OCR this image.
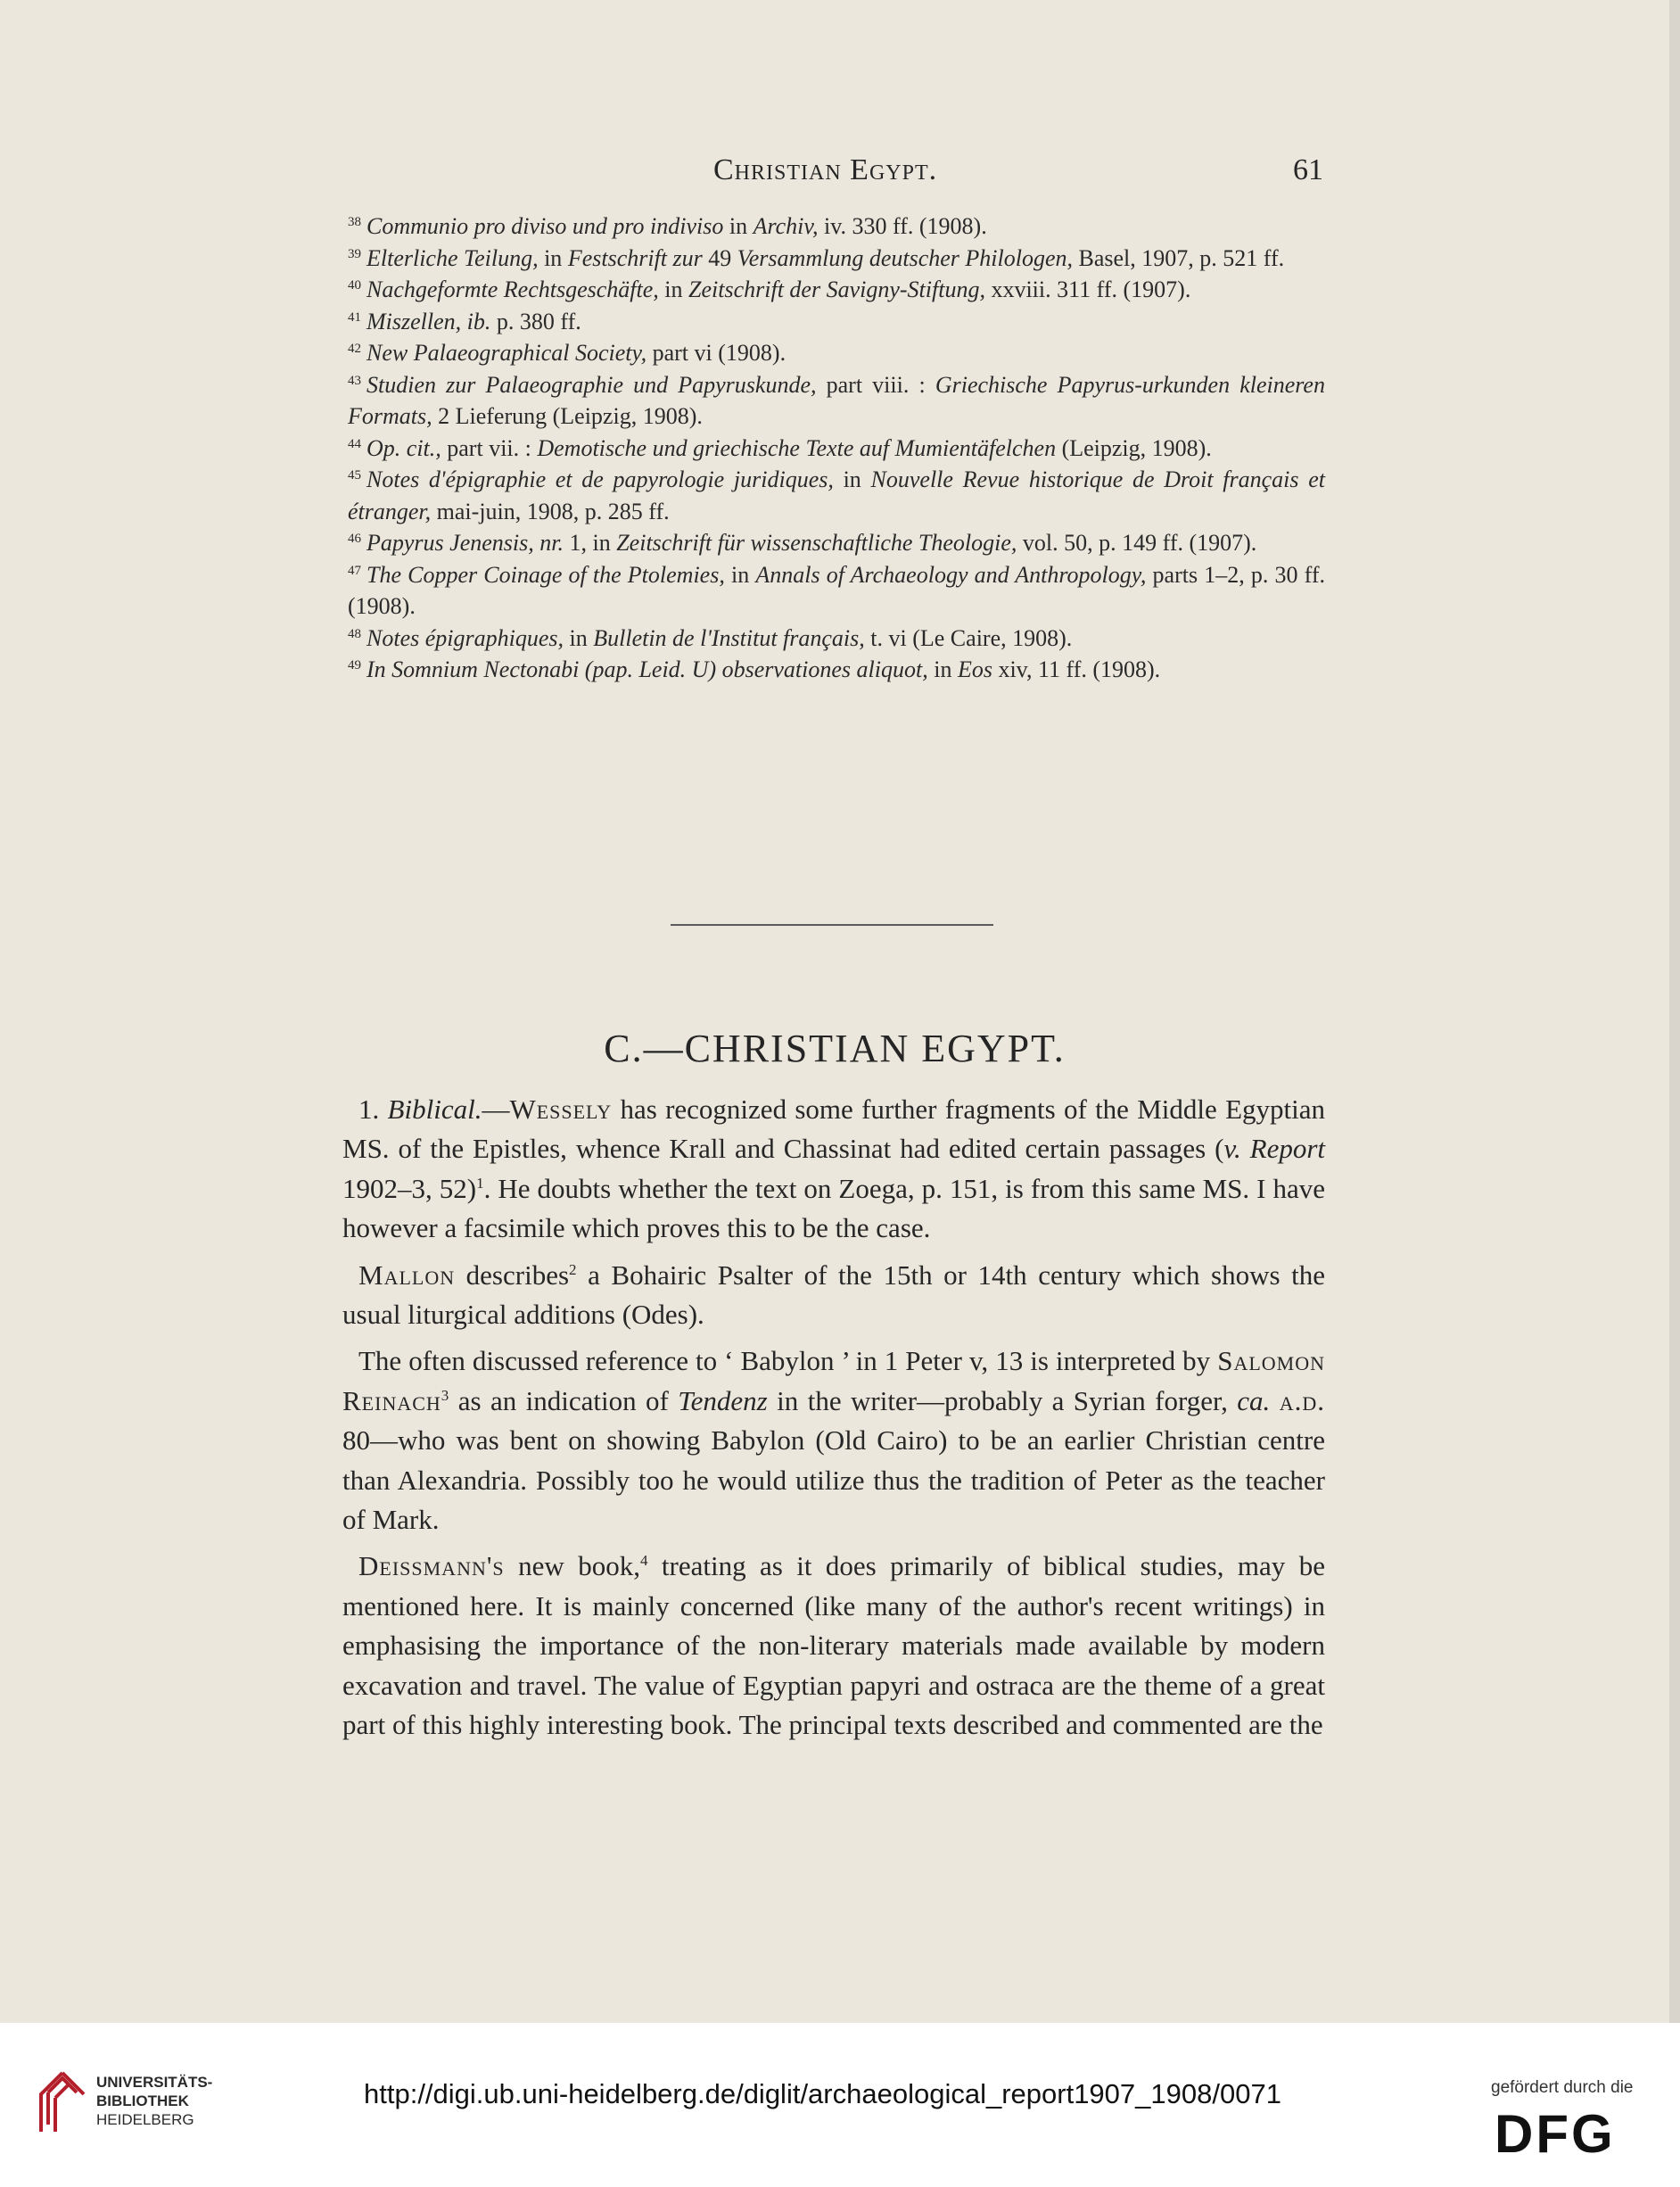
Christian Egypt.	61

$^{38}$ Communio pro diviso und pro indiviso in Archiv, iv. 330 ff. (1908).

$^{39}$ Elterliche Teilung, in Festschrift zur 49 Versammlung deutscher Philologen, Basel, 1907, p. 521 ff.

$^{40}$ Nachgeformte Rechtsgeschäfte, in Zeitschrift der Savigny-Stiftung, xxviii. 311 ff. (1907).

$^{41}$ Miszellen, ib. p. 380 ff.

$^{42}$ New Palaeographical Society, part vi (1908).

$^{43}$ Studien zur Palaeographie und Papyruskunde, part viii. : Griechische Papyrus-urkunden kleineren Formats, 2 Lieferung (Leipzig, 1908).

$^{44}$ Op. cit., part vii. : Demotische und griechische Texte auf Mumientäfelchen (Leipzig, 1908).

$^{45}$ Notes d'épigraphie et de papyrologie juridiques, in Nouvelle Revue historique de Droit français et étranger, mai-juin, 1908, p. 285 ff.

$^{46}$ Papyrus Jenensis, nr. 1, in Zeitschrift für wissenschaftliche Theologie, vol. 50, p. 149 ff. (1907).

$^{47}$ The Copper Coinage of the Ptolemies, in Annals of Archaeology and Anthropology, parts 1–2, p. 30 ff. (1908).

$^{48}$ Notes épigraphiques, in Bulletin de l'Institut français, t. vi (Le Caire, 1908).

$^{49}$ In Somnium Nectonabi (pap. Leid. U) observationes aliquot, in Eos xiv, 11 ff. (1908).

C.—CHRISTIAN EGYPT.

1. Biblical.—Wessely has recognized some further fragments of the Middle Egyptian MS. of the Epistles, whence Krall and Chassinat had edited certain passages (v. Report 1902–3, 52)$^1$. He doubts whether the text on Zoega, p. 151, is from this same MS. I have however a facsimile which proves this to be the case.

Mallon describes$^2$ a Bohairic Psalter of the 15th or 14th century which shows the usual liturgical additions (Odes).

The often discussed reference to ‘ Babylon ’ in 1 Peter v, 13 is interpreted by Salomon Reinach$^3$ as an indication of Tendenz in the writer—probably a Syrian forger, ca. a.d. 80—who was bent on showing Babylon (Old Cairo) to be an earlier Christian centre than Alexandria. Possibly too he would utilize thus the tradition of Peter as the teacher of Mark.

Deissmann's new book,$^4$ treating as it does primarily of biblical studies, may be mentioned here. It is mainly concerned (like many of the author's recent writings) in emphasising the importance of the non-literary materials made available by modern excavation and travel. The value of Egyptian papyri and ostraca are the theme of a great part of this highly interesting book. The principal texts described and commented are the

UNIVERSITÄTS-
BIBLIOTHEK
HEIDELBERG
http://digi.ub.uni-heidelberg.de/diglit/archaeological_report1907_1908/0071	gefördert durch die
DFG
